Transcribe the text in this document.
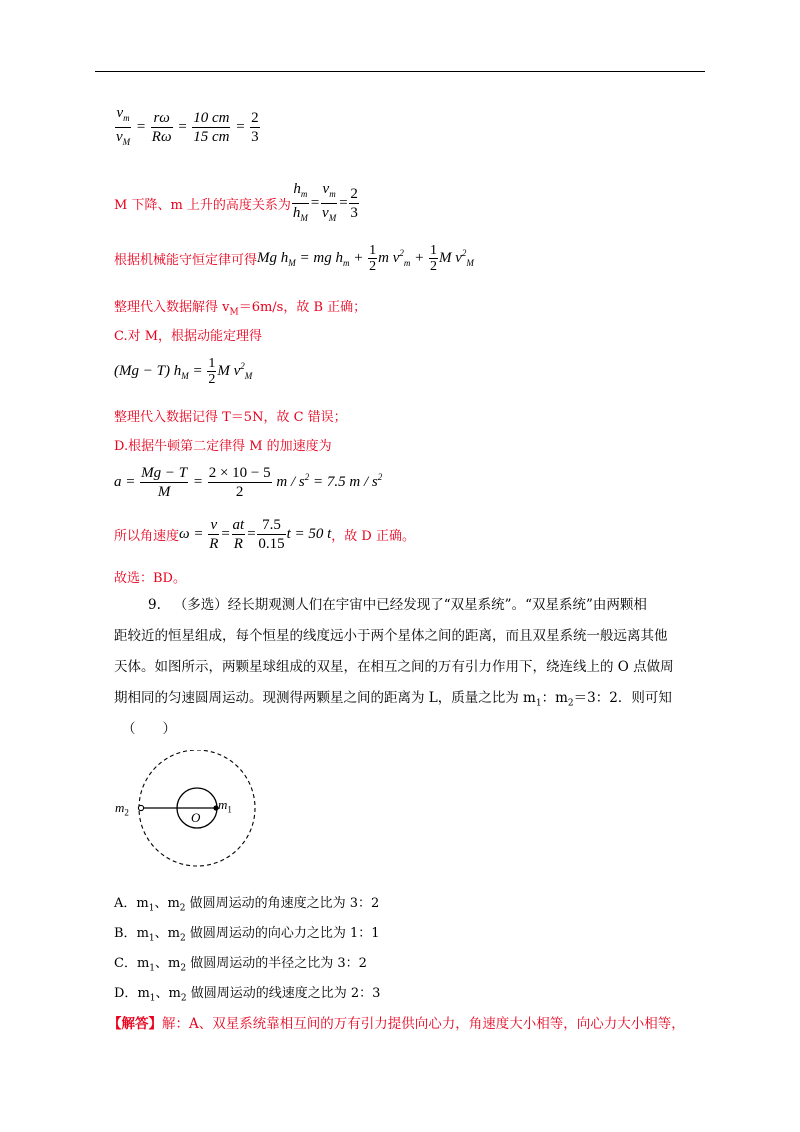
$\frac{v_m}{v_M} = \frac{r\omega}{R\omega} = \frac{10 cm}{15 cm} = \frac{2}{3}$
M 下降、m 上升的高度关系为 $\frac{h_m}{h_M} = \frac{v_m}{v_M} = \frac{2}{3}$
根据机械能守恒定律可得Mg $h_M$ = mg $h_m + \frac{1}{2}$ m $v^2_m + \frac{1}{2}$ M $v^2_M$
整理代入数据解得 $v_M=6m/s$，故 B 正确；
C.对 M，根据动能定理得
(Mg − T) $h_M = \frac{1}{2}$ M $v^2_M$
整理代入数据记得 T＝5N，故 C 错误；
D.根据牛顿第二定律得 M 的加速度为
$a = \frac{Mg - T}{M} = \frac{2 \times 10 - 5}{2}$ $m / s^2 = 7.5$ m / $s^2$
所以角速度$\omega = \frac{v}{R} = \frac{at}{R} = \frac{7.5}{0.15}$ t = 50 t，故 D 正确。
故选：BD。
9. （多选）经长期观测人们在宇宙中已经发现了“双星系统”。“双星系统”由两颗相
距较近的恒星组成，每个恒星的线度远小于两个星体之间的距离，而且双星系统一般远离其他
天体。如图所示，两颗星球组成的双星，在相互之间的万有引力作用下，绕连线上的 O 点做周
期相同的匀速圆周运动。现测得两颗星之间的距离为 L，质量之比为 $m_1$：$m_2=3$：2．则可知
（　　）
$m_2$
$m_1$
O
A．$m_1$、$m_2$ 做圆周运动的角速度之比为 3：2
B．$m_1$、$m_2$ 做圆周运动的向心力之比为 1：1
C．$m_1$、$m_2$ 做圆周运动的半径之比为 3：2
D．$m_1$、$m_2$ 做圆周运动的线速度之比为 2：3
【解答】解：A、双星系统靠相互间的万有引力提供向心力，角速度大小相等，向心力大小相等，
